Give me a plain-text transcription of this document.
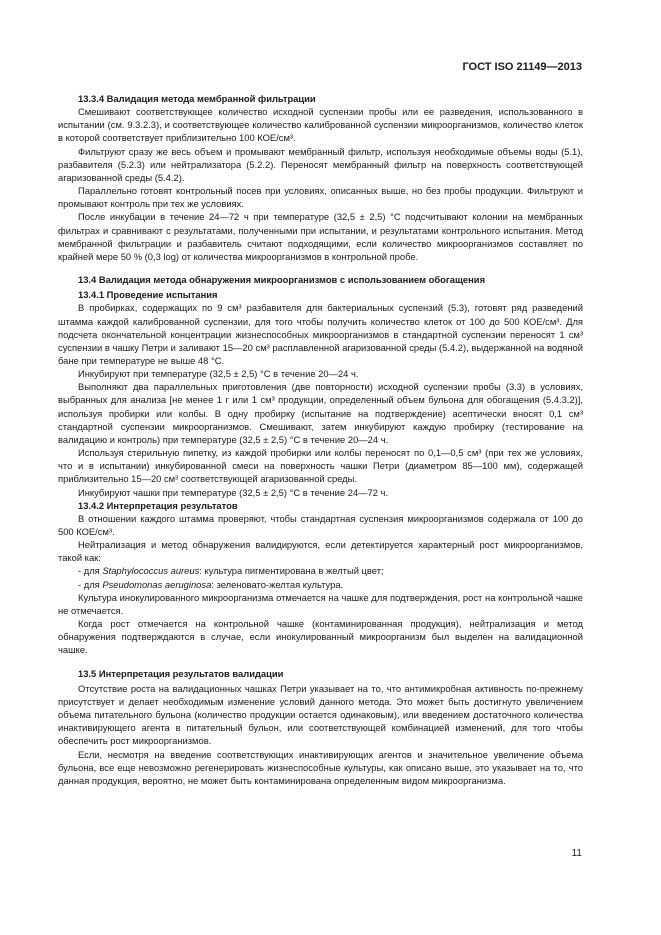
ГОСТ ISO 21149—2013
13.3.4 Валидация метода мембранной фильтрации

Смешивают соответствующее количество исходной суспензии пробы или ее разведения, использованного в испытании (см. 9.3.2.3), и соответствующее количество калиброванной суспензии микроорганизмов, количество клеток в которой соответствует приблизительно 100 КОЕ/см³.

Фильтруют сразу же весь объем и промывают мембранный фильтр, используя необходимые объемы воды (5.1), разбавителя (5.2.3) или нейтрализатора (5.2.2). Переносят мембранный фильтр на поверхность соответствующей агаризованной среды (5.4.2).

Параллельно готовят контрольный посев при условиях, описанных выше, но без пробы продукции. Фильтруют и промывают контроль при тех же условиях.

После инкубации в течение 24—72 ч при температуре (32,5 ± 2,5) °С подсчитывают колонии на мембранных фильтрах и сравнивают с результатами, полученными при испытании, и результатами контрольного испытания. Метод мембранной фильтрации и разбавитель считают подходящими, если количество микроорганизмов составляет по крайней мере 50 % (0,3 log) от количества микроорганизмов в контрольной пробе.

13.4 Валидация метода обнаружения микроорганизмов с использованием обогащения
13.4.1 Проведение испытания

В пробирках, содержащих по 9 см³ разбавителя для бактериальных суспензий (5.3), готовят ряд разведений штамма каждой калиброванной суспензии, для того чтобы получить количество клеток от 100 до 500 КОЕ/см³. Для подсчета окончательной концентрации жизнеспособных микроорганизмов в стандартной суспензии переносят 1 см³ суспензии в чашку Петри и заливают 15—20 см³ расплавленной агаризованной среды (5.4.2), выдержанной на водяной бане при температуре не выше 48 °С.

Инкубируют при температуре (32,5 ± 2,5) °С в течение 20—24 ч.

Выполняют два параллельных приготовления (две повторности) исходной суспензии пробы (3.3) в условиях, выбранных для анализа [не менее 1 г или 1 см³ продукции, определенный объем бульона для обогащения (5.4.3.2)], используя пробирки или колбы. В одну пробирку (испытание на подтверждение) асептически вносят 0,1 см³ стандартной суспензии микроорганизмов. Смешивают, затем инкубируют каждую пробирку (тестирование на валидацию и контроль) при температуре (32,5 ± 2,5) °С в течение 20—24 ч.

Используя стерильную пипетку, из каждой пробирки или колбы переносят по 0,1—0,5 см³ (при тех же условиях, что и в испытании) инкубированной смеси на поверхность чашки Петри (диаметром 85—100 мм), содержащей приблизительно 15—20 см³ соответствующей агаризованной среды.

Инкубируют чашки при температуре (32,5 ± 2,5) °С в течение 24—72 ч.

13.4.2 Интерпретация результатов

В отношении каждого штамма проверяют, чтобы стандартная суспензия микроорганизмов содержала от 100 до 500 КОЕ/см³.

Нейтрализация и метод обнаружения валидируются, если детектируется характерный рост микроорганизмов, такой как:

- для Staphylococcus aureus: культура пигментирована в желтый цвет;

- для Pseudomonas aeruginosa: зеленовато-желтая культура.

Культура инокулированного микроорганизма отмечается на чашке для подтверждения, рост на контрольной чашке не отмечается.

Когда рост отмечается на контрольной чашке (контаминированная продукция), нейтрализация и метод обнаружения подтверждаются в случае, если инокулированный микроорганизм был выделен на валидационной чашке.

13.5 Интерпретация результатов валидации

Отсутствие роста на валидационных чашках Петри указывает на то, что антимикробная активность по-прежнему присутствует и делает необходимым изменение условий данного метода. Это может быть достигнуто увеличением объема питательного бульона (количество продукции остается одинаковым), или введением достаточного количества инактивирующего агента в питательный бульон, или соответствующей комбинацией изменений, для того чтобы обеспечить рост микроорганизмов.

Если, несмотря на введение соответствующих инактивирующих агентов и значительное увеличение объема бульона, все еще невозможно регенерировать жизнеспособные культуры, как описано выше, это указывает на то, что данная продукция, вероятно, не может быть контаминирована определенным видом микроорганизма.

11
